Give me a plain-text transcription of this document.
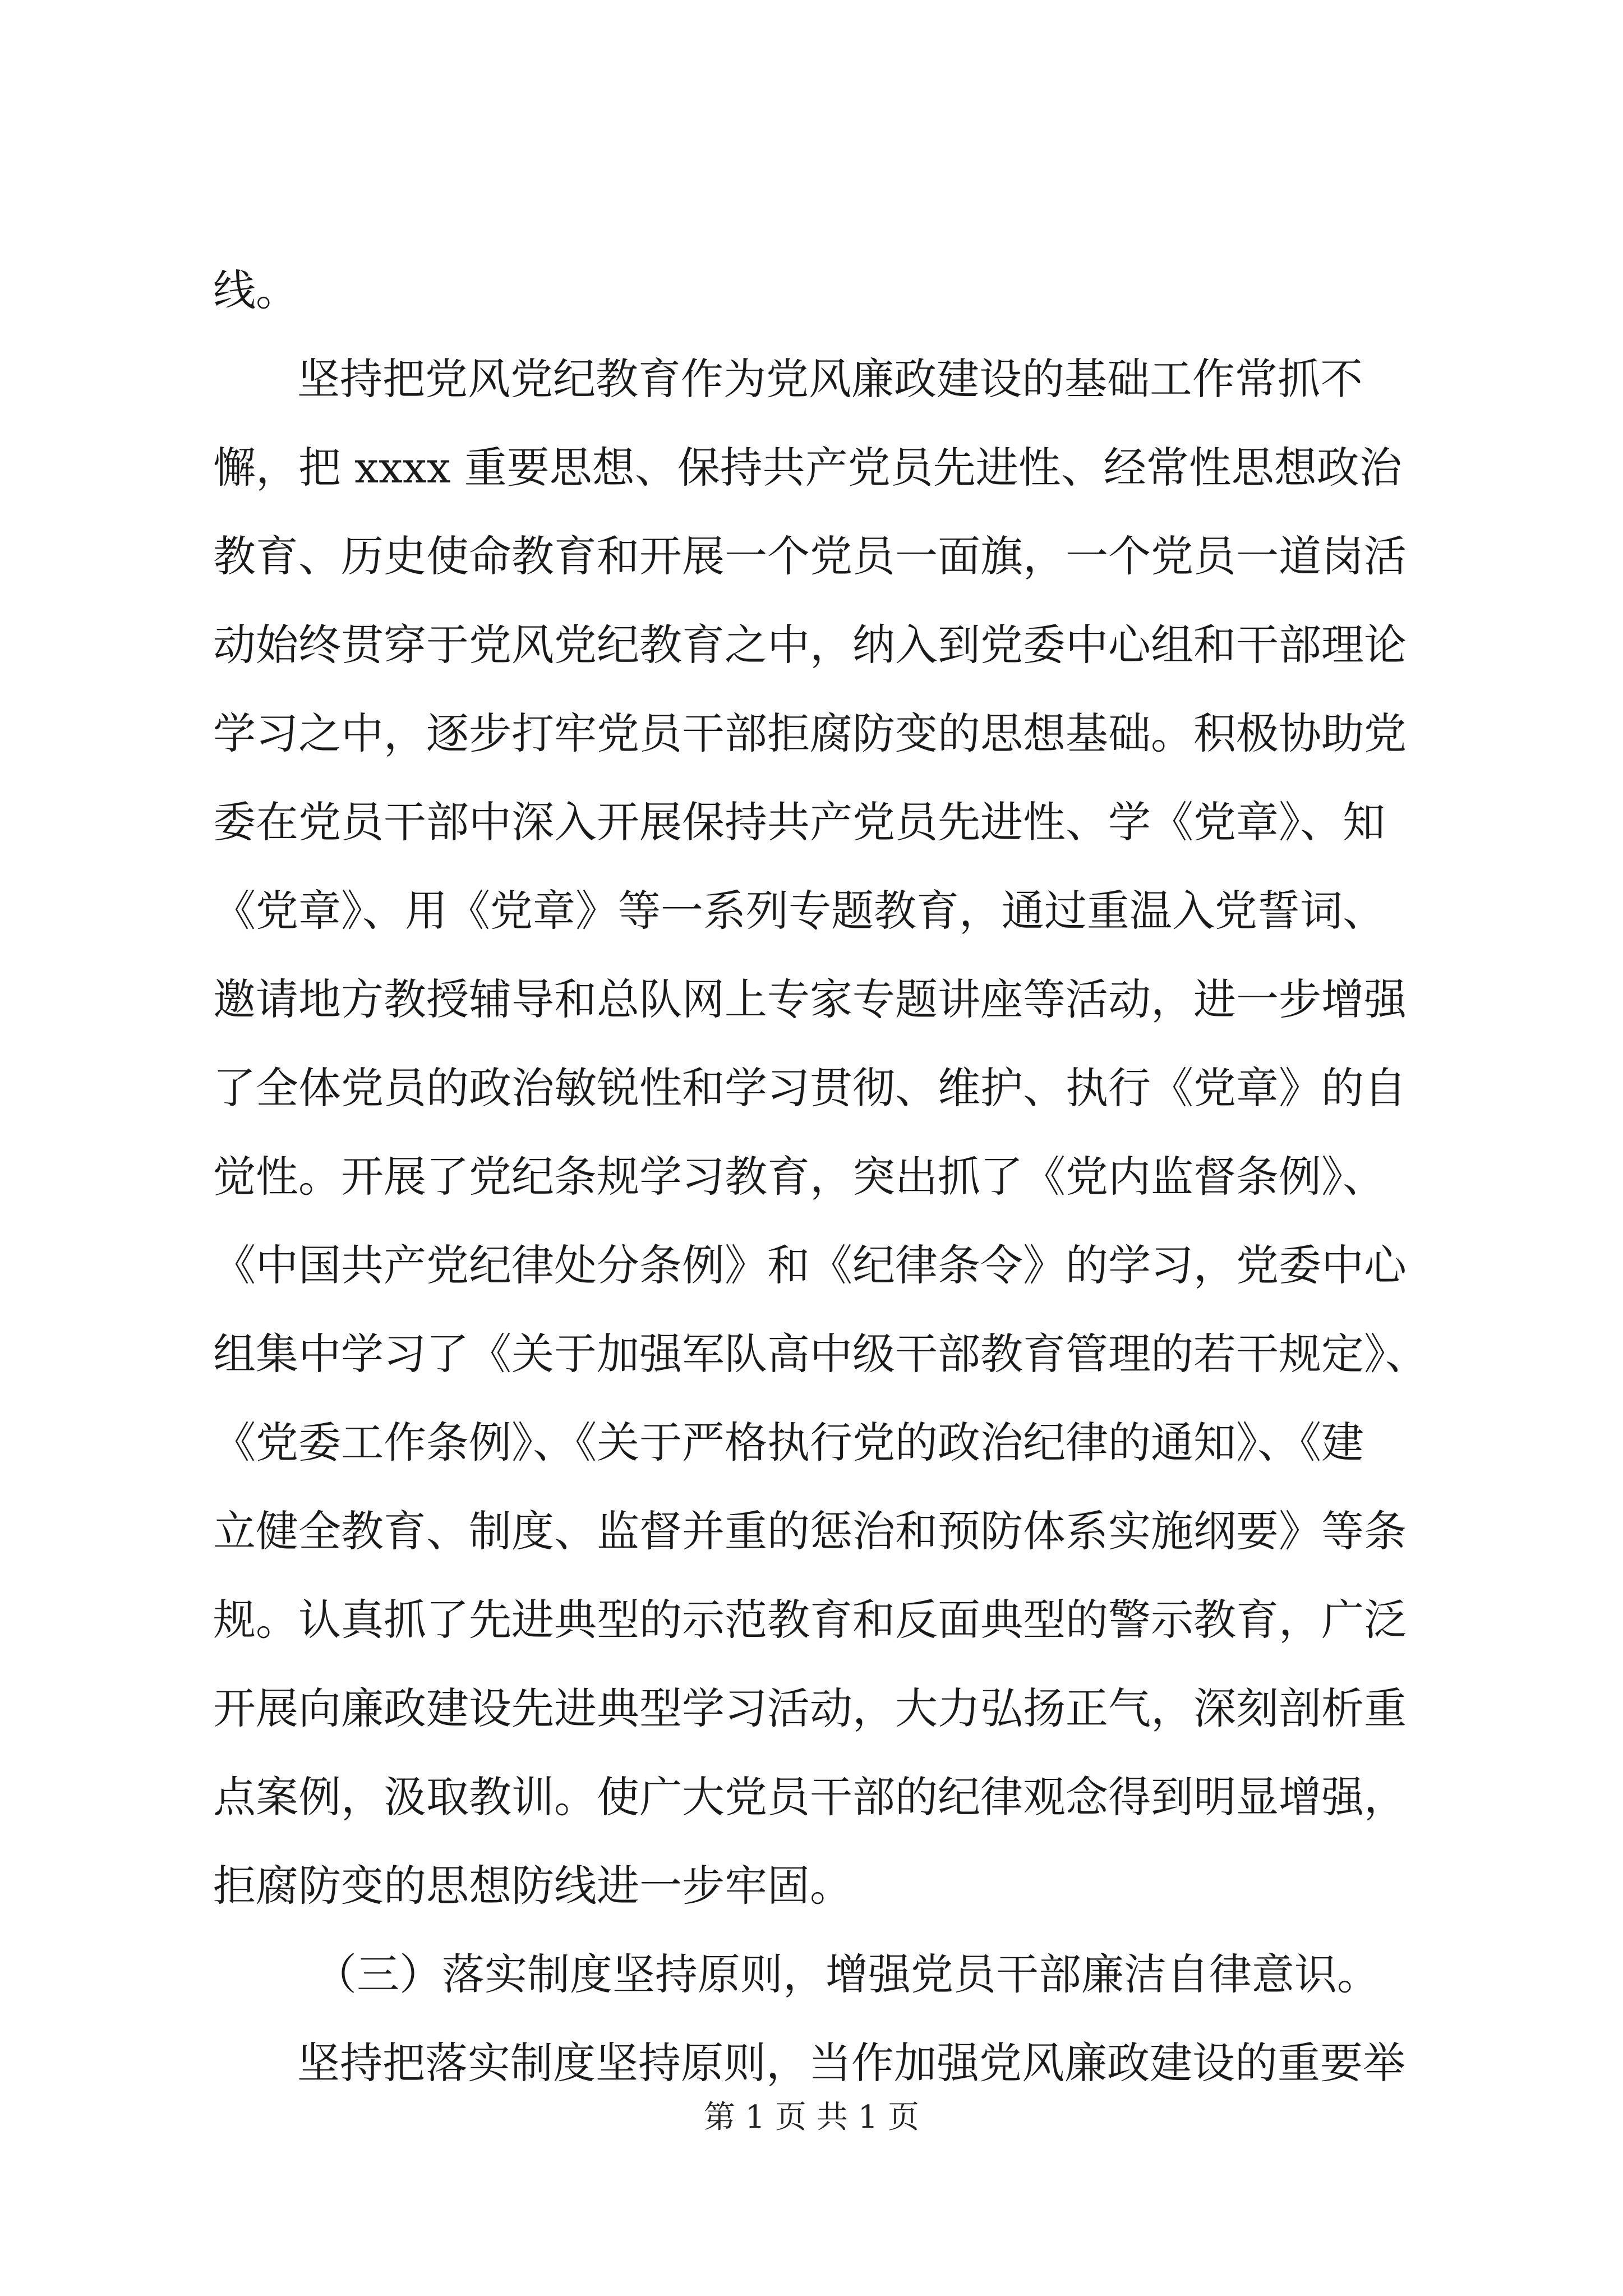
线。
坚持把党风党纪教育作为党风廉政建设的基础工作常抓不
懈，把 xxxx 重要思想、保持共产党员先进性、经常性思想政治
教育、历史使命教育和开展一个党员一面旗，一个党员一道岗活
动始终贯穿于党风党纪教育之中，纳入到党委中心组和干部理论
学习之中，逐步打牢党员干部拒腐防变的思想基础。积极协助党
委在党员干部中深入开展保持共产党员先进性、学《党章》、知
《党章》、用《党章》等一系列专题教育，通过重温入党誓词、
邀请地方教授辅导和总队网上专家专题讲座等活动，进一步增强
了全体党员的政治敏锐性和学习贯彻、维护、执行《党章》的自
觉性。开展了党纪条规学习教育，突出抓了《党内监督条例》、
《中国共产党纪律处分条例》和《纪律条令》的学习，党委中心
组集中学习了《关于加强军队高中级干部教育管理的若干规定》、
《党委工作条例》、《关于严格执行党的政治纪律的通知》、《建
立健全教育、制度、监督并重的惩治和预防体系实施纲要》等条
规。认真抓了先进典型的示范教育和反面典型的警示教育，广泛
开展向廉政建设先进典型学习活动，大力弘扬正气，深刻剖析重
点案例，汲取教训。使广大党员干部的纪律观念得到明显增强，
拒腐防变的思想防线进一步牢固。
（三）落实制度坚持原则，增强党员干部廉洁自律意识。
坚持把落实制度坚持原则，当作加强党风廉政建设的重要举
第 1 页 共 1 页
